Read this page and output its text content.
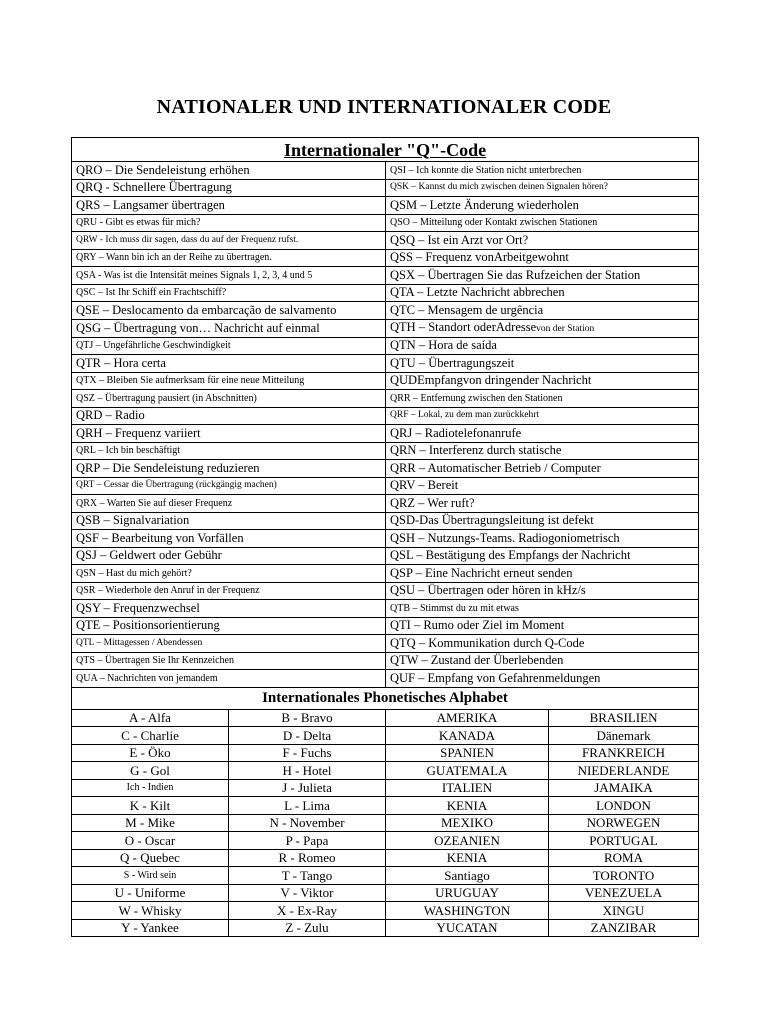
NATIONALER UND INTERNATIONALER CODE
Internationaler "Q"-Code			
QRO – Die Sendeleistung erhöhen		QSI – Ich konnte die Station nicht unterbrechen	
QRQ - Schnellere Übertragung		QSK – Kannst du mich zwischen deinen Signalen hören?	
QRS – Langsamer übertragen		QSM – Letzte Änderung wiederholen	
QRU - Gibt es etwas für mich?		QSO – Mitteilung oder Kontakt zwischen Stationen	
QRW - Ich muss dir sagen, dass du auf der Frequenz rufst.		QSQ – Ist ein Arzt vor Ort?	
QRY – Wann bin ich an der Reihe zu übertragen.		QSS – Frequenz vonArbeitgewohnt	
QSA - Was ist die Intensität meines Signals 1, 2, 3, 4 und 5		QSX – Übertragen Sie das Rufzeichen der Station	
QSC – Ist Ihr Schiff ein Frachtschiff?		QTA – Letzte Nachricht abbrechen	
QSE – Deslocamento da embarcação de salvamento		QTC – Mensagem de urgência	
QSG – Übertragung von… Nachricht auf einmal		QTH – Standort oderAdressevon der Station	
QTJ – Ungefährliche Geschwindigkeit		QTN – Hora de saída	
QTR – Hora certa		QTU – Übertragungszeit	
QTX – Bleiben Sie aufmerksam für eine neue Mitteilung		QUDEmpfangvon dringender Nachricht	
QSZ – Übertragung pausiert (in Abschnitten)		QRR – Entfernung zwischen den Stationen	
QRD – Radio		QRF – Lokal, zu dem man zurückkehrt	
QRH – Frequenz variiert		QRJ – Radiotelefonanrufe	
QRL – Ich bin beschäftigt		QRN – Interferenz durch statische	
QRP – Die Sendeleistung reduzieren		QRR – Automatischer Betrieb / Computer	
QRT – Cessar die Übertragung (rückgängig machen)		QRV – Bereit	
QRX – Warten Sie auf dieser Frequenz		QRZ – Wer ruft?	
QSB – Signalvariation		QSD-Das Übertragungsleitung ist defekt	
QSF – Bearbeitung von Vorfällen		QSH – Nutzungs-Teams. Radiogoniometrisch	
QSJ – Geldwert oder Gebühr		QSL – Bestätigung des Empfangs der Nachricht	
QSN – Hast du mich gehört?		QSP – Eine Nachricht erneut senden	
QSR – Wiederhole den Anruf in der Frequenz		QSU – Übertragen oder hören in kHz/s	
QSY – Frequenzwechsel		QTB – Stimmst du zu mit etwas	
QTE – Positionsorientierung		QTI – Rumo oder Ziel im Moment	
QTL – Mittagessen / Abendessen		QTQ – Kommunikation durch Q-Code	
QTS – Übertragen Sie Ihr Kennzeichen		QTW – Zustand der Überlebenden	
QUA – Nachrichten von jemandem		QUF – Empfang von Gefahrenmeldungen	
Internationales Phonetisches Alphabet			
A - Alfa	B - Bravo	AMERIKA	BRASILIEN
C - Charlie	D - Delta	KANADA	Dänemark
E - Öko	F - Fuchs	SPANIEN	FRANKREICH
G - Gol	H - Hotel	GUATEMALA	NIEDERLANDE
Ich - Indien	J - Julieta	ITALIEN	JAMAIKA
K - Kilt	L - Lima	KENIA	LONDON
M - Mike	N - November	MEXIKO	NORWEGEN
O - Oscar	P - Papa	OZEANIEN	PORTUGAL
Q - Quebec	R - Romeo	KENIA	ROMA
S - Wird sein	T - Tango	Santiago	TORONTO
U - Uniforme	V - Viktor	URUGUAY	VENEZUELA
W - Whisky	X - Ex-Ray	WASHINGTON	XINGU
Y - Yankee	Z - Zulu	YUCATAN	ZANZIBAR
